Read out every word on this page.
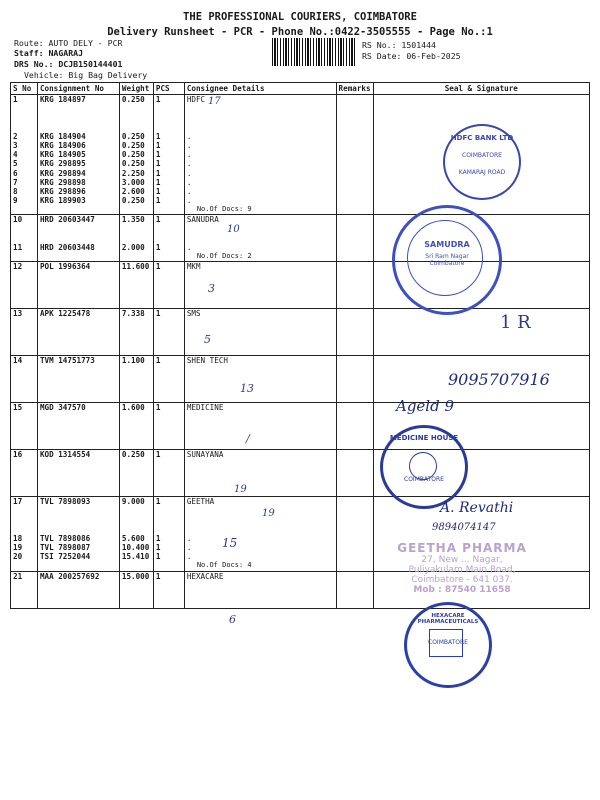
THE PROFESSIONAL COURIERS, COIMBATORE
Delivery Runsheet - PCR - Phone No.:0422-3505555 - Page No.:1
Route: AUTO DELY - PCR
Staff: NAGARAJ
DRS No.: DCJB150144401
Vehicle: Big Bag Delivery
RS No.: 1501444
RS Date: 06-Feb-2025
S No	Consignment No	Weight	PCS	Consignee Details	Remarks	Seal & Signature

1	KRG 184897	0.250	1	HDFC		

2	KRG 184904	0.250	1	.		

3	KRG 184906	0.250	1	.		

4	KRG 184905	0.250	1	.		

5	KRG 298895	0.250	1	.		

6	KRG 298894	2.250	1	.		

7	KRG 298898	3.000	1	.		

8	KRG 298896	2.600	1	.		

9	KRG 189903	0.250	1	.		

				No.Of Docs: 9		

10	HRD 20603447	1.350	1	SANUDRA		

11	HRD 20603448	2.000	1	.		

				No.Of Docs: 2		

12	POL 1996364	11.600	1	MKM		

13	APK 1225478	7.338	1	SMS		

14	TVM 14751773	1.100	1	SHEN TECH		

15	MGD 347570	1.600	1	MEDICINE		

16	KOD 1314554	0.250	1	SUNAYANA		

17	TVL 7898093	9.000	1	GEETHA		

18	TVL 7898086	5.600	1	.		

19	TVL 7898087	10.400	1	.		

20	TSI 7252044	15.410	1	.		

				No.Of Docs: 4		

21	MAA 200257692	15.000	1	HEXACARE		

HDFC BANK LTD
COIMBATORE
KAMARAJ ROAD
SAMUDRA
Sri Ram Nagar
Coimbatore
MEDICINE HOUSE
COIMBATORE
GEETHA PHARMA
27, New ... Nagar,
Puliyakulam Main Road,
Coimbatore - 641 037.
Mob : 87540 11658
HEXACARE PHARMACEUTICALS
COIMBATORE
17
10
3
5
13
/
19
19
15
6
1 R
9095707916
Ageld 9
A. Revathi
9894074147
